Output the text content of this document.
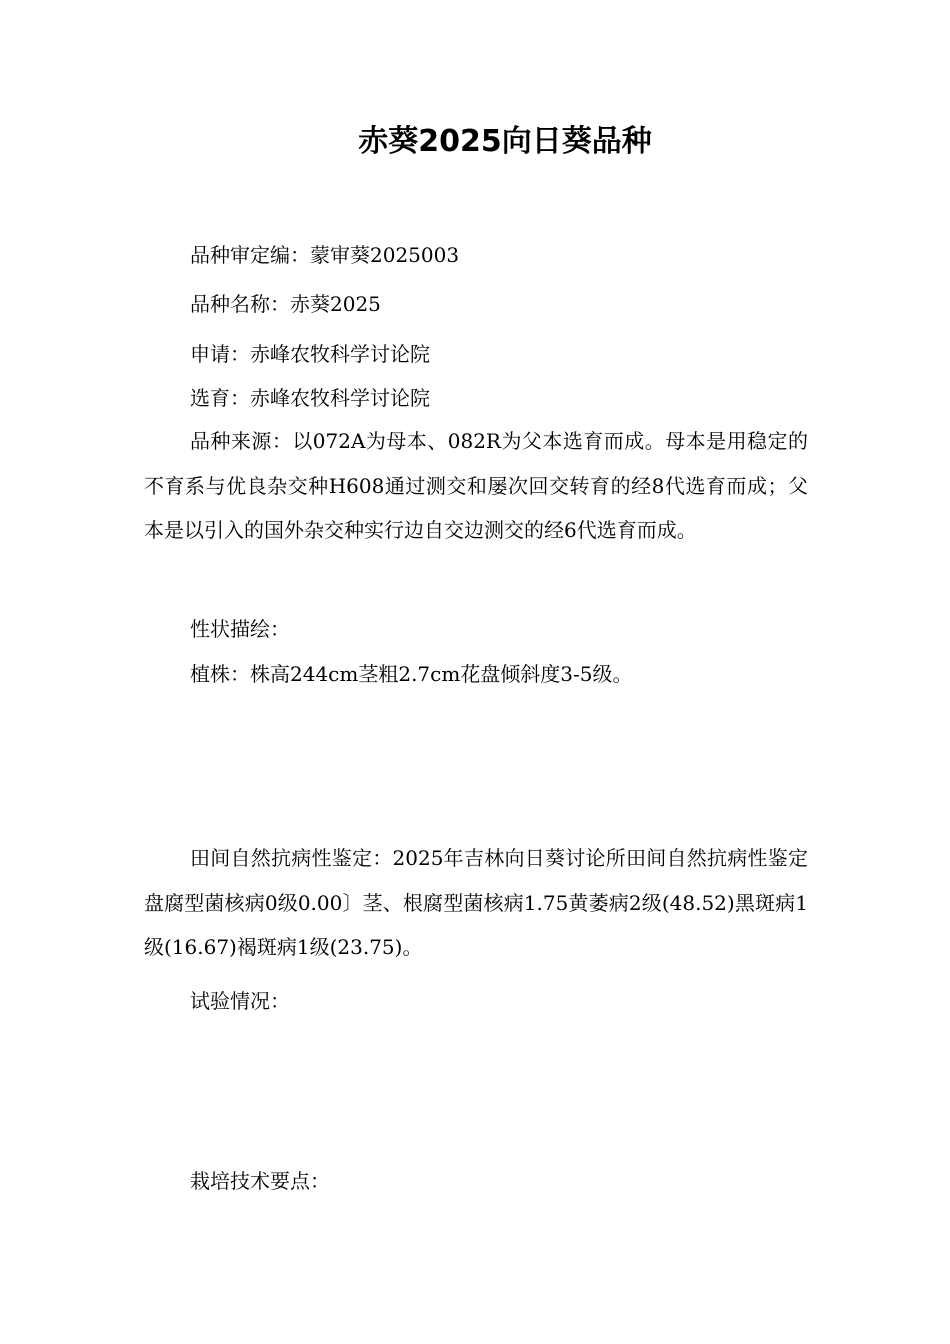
赤葵2025向日葵品种

品种审定编：蒙审葵2025003

品种名称：赤葵2025

申请：赤峰农牧科学讨论院

选育：赤峰农牧科学讨论院

品种来源：以072A为母本、082R为父本选育而成。母本是用稳定的不育系与优良杂交种H608通过测交和屡次回交转育的经8代选育而成；父本是以引入的国外杂交种实行边自交边测交的经6代选育而成。

性状描绘：

植株：株高244cm茎粗2.7cm花盘倾斜度3-5级。

田间自然抗病性鉴定：2025年吉林向日葵讨论所田间自然抗病性鉴定盘腐型菌核病0级0.00〕茎、根腐型菌核病1.75黄萎病2级(48.52)黑斑病1级(16.67)褐斑病1级(23.75)。

试验情况：

栽培技术要点：
